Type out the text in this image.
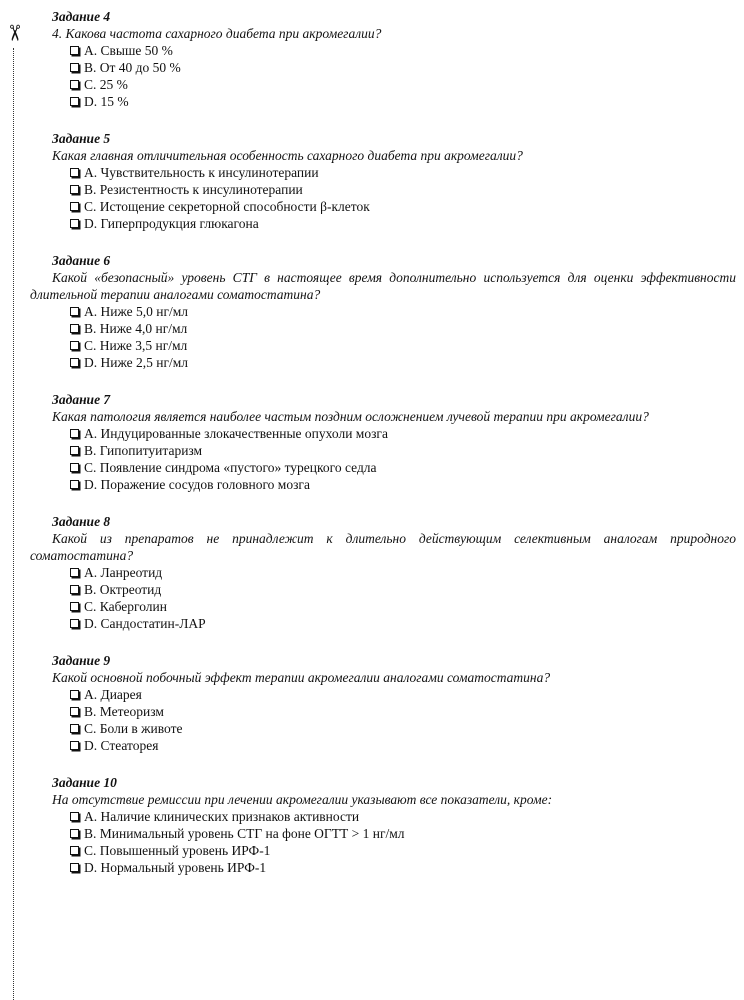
✂
Задание 4
4. Какова частота сахарного диабета при акромегалии?
A. Свыше 50 %
B. От 40 до 50 %
C. 25 %
D. 15 %
Задание 5
Какая главная отличительная особенность сахарного диабета при акромегалии?
A. Чувствительность к инсулинотерапии
B. Резистентность к инсулинотерапии
C. Истощение секреторной способности β-клеток
D. Гиперпродукция глюкагона
Задание 6
Какой «безопасный» уровень СТГ в настоящее время дополнительно используется для оценки эффективности длительной терапии аналогами соматостатина?
A. Ниже 5,0 нг/мл
B. Ниже 4,0 нг/мл
C. Ниже 3,5 нг/мл
D. Ниже 2,5 нг/мл
Задание 7
Какая патология является наиболее частым поздним осложнением лучевой терапии при акромегалии?
A. Индуцированные злокачественные опухоли мозга
B. Гипопитуитаризм
C. Появление синдрома «пустого» турецкого седла
D. Поражение сосудов головного мозга
Задание 8
Какой из препаратов не принадлежит к длительно действующим селективным аналогам природного соматостатина?
A. Ланреотид
B. Октреотид
C. Каберголин
D. Сандостатин-ЛАР
Задание 9
Какой основной побочный эффект терапии акромегалии аналогами соматостатина?
A. Диарея
B. Метеоризм
C. Боли в животе
D. Стеаторея
Задание 10
На отсутствие ремиссии при лечении акромегалии указывают все показатели, кроме:
A. Наличие клинических признаков активности
B. Минимальный уровень СТГ на фоне ОГТТ > 1 нг/мл
C. Повышенный уровень ИРФ-1
D. Нормальный уровень ИРФ-1
